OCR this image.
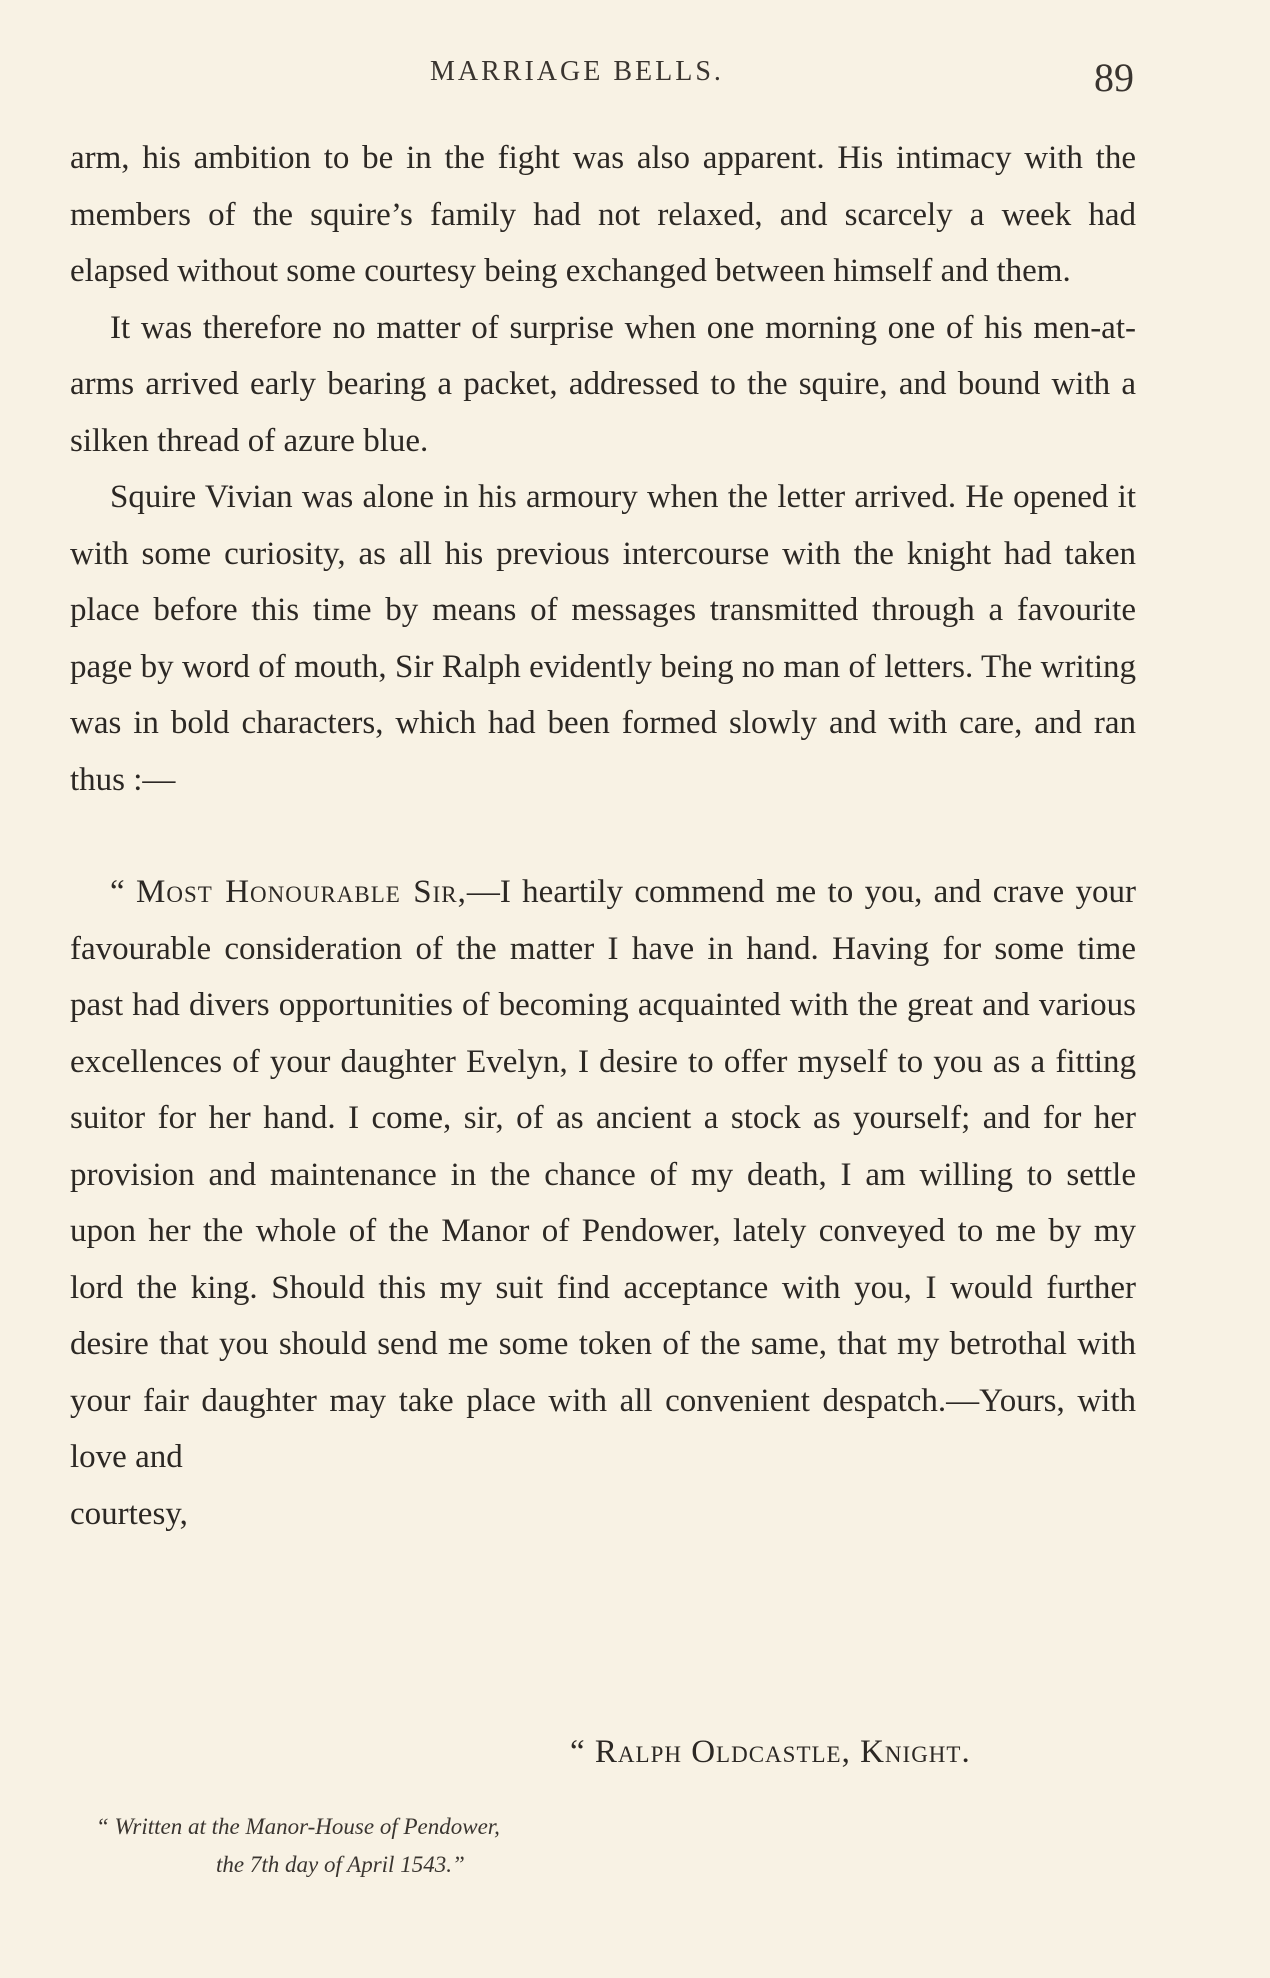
MARRIAGE BELLS.	89

arm, his ambition to be in the fight was also apparent. His intimacy with the members of the squire’s family had not relaxed, and scarcely a week had elapsed without some courtesy being exchanged between himself and them.

It was therefore no matter of surprise when one morning one of his men-at-arms arrived early bearing a packet, addressed to the squire, and bound with a silken thread of azure blue.

Squire Vivian was alone in his armoury when the letter arrived. He opened it with some curiosity, as all his previous intercourse with the knight had taken place before this time by means of messages transmitted through a favourite page by word of mouth, Sir Ralph evidently being no man of letters. The writing was in bold characters, which had been formed slowly and with care, and ran thus :—

“ Most Honourable Sir,—I heartily commend me to you, and crave your favourable consideration of the matter I have in hand. Having for some time past had divers opportunities of becoming acquainted with the great and various excellences of your daughter Evelyn, I desire to offer myself to you as a fitting suitor for her hand. I come, sir, of as ancient a stock as yourself; and for her provision and maintenance in the chance of my death, I am willing to settle upon her the whole of the Manor of Pendower, lately conveyed to me by my lord the king. Should this my suit find acceptance with you, I would further desire that you should send me some token of the same, that my betrothal with your fair daughter may take place with all convenient despatch.—Yours, with love and

courtesy,
“ Ralph Oldcastle, Knight.
“ Written at the Manor-House of Pendower,
the 7th day of April 1543.”
